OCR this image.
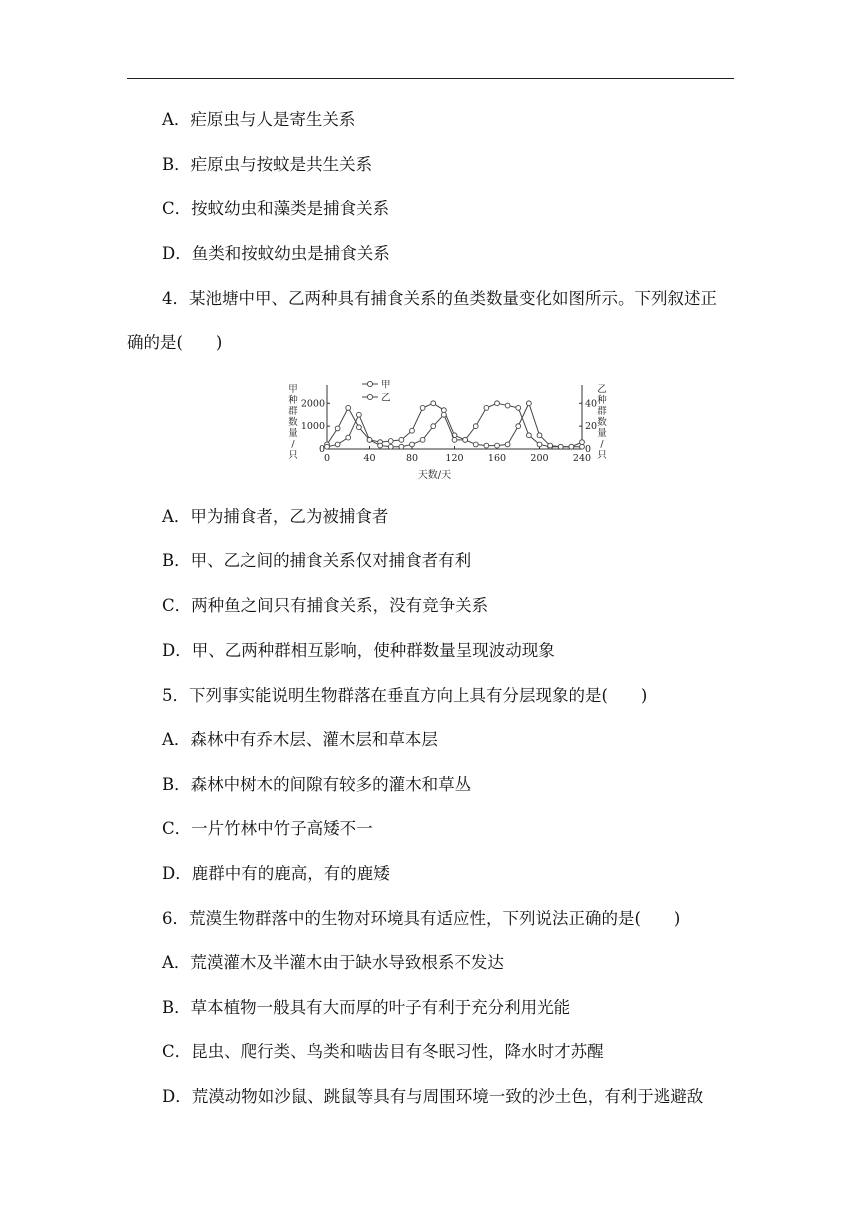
A．疟原虫与人是寄生关系
B．疟原虫与按蚊是共生关系
C．按蚊幼虫和藻类是捕食关系
D．鱼类和按蚊幼虫是捕食关系
4．某池塘中甲、乙两种具有捕食关系的鱼类数量变化如图所示。下列叙述正
确的是(　　)
0	40	80	120	160	200	240
0
1000
2000
0
20
40
天数/天
甲种群数量/只
乙种群数量/只
甲
乙
A．甲为捕食者，乙为被捕食者
B．甲、乙之间的捕食关系仅对捕食者有利
C．两种鱼之间只有捕食关系，没有竞争关系
D．甲、乙两种群相互影响，使种群数量呈现波动现象
5．下列事实能说明生物群落在垂直方向上具有分层现象的是(　　)
A．森林中有乔木层、灌木层和草本层
B．森林中树木的间隙有较多的灌木和草丛
C．一片竹林中竹子高矮不一
D．鹿群中有的鹿高，有的鹿矮
6．荒漠生物群落中的生物对环境具有适应性，下列说法正确的是(　　)
A．荒漠灌木及半灌木由于缺水导致根系不发达
B．草本植物一般具有大而厚的叶子有利于充分利用光能
C．昆虫、爬行类、鸟类和啮齿目有冬眠习性，降水时才苏醒
D．荒漠动物如沙鼠、跳鼠等具有与周围环境一致的沙土色，有利于逃避敌
